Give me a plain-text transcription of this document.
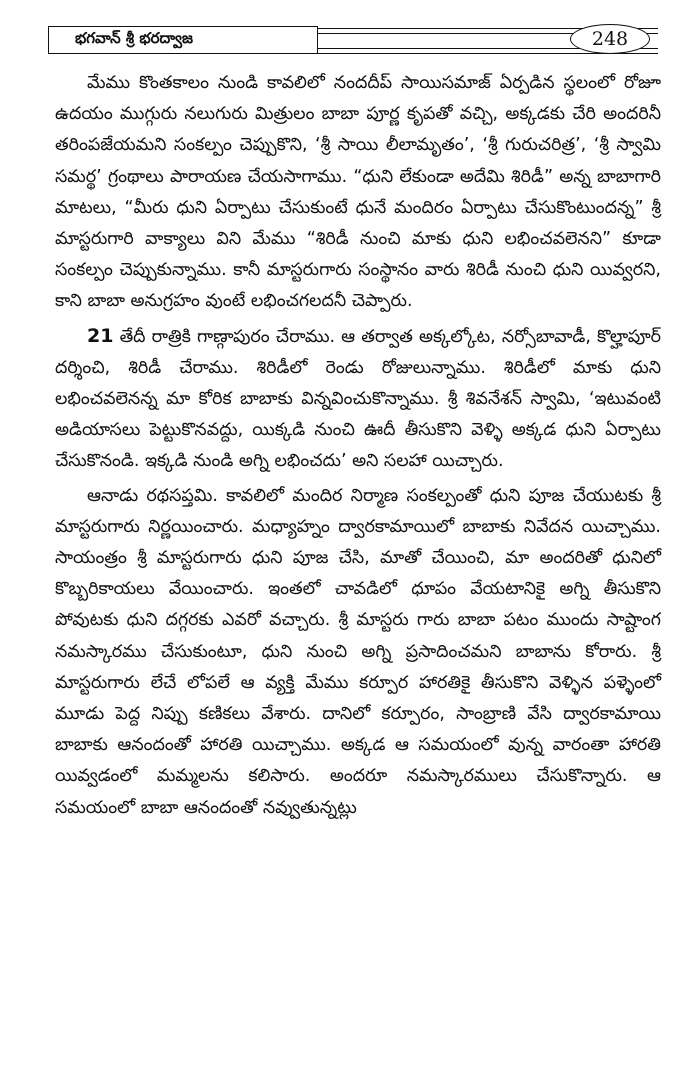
భగవాన్ శ్రీ భరద్వాజ	248

మేము కొంతకాలం నుండి కావలిలో నందదీప్ సాయిసమాజ్ ఏర్పడిన స్థలంలో రోజూ ఉదయం ముగ్గురు నలుగురు మిత్రులం బాబా పూర్ణ కృపతో వచ్చి, అక్కడకు చేరి అందరినీ తరింపజేయమని సంకల్పం చెప్పుకొని, ‘శ్రీ సాయి లీలామృతం’, ‘శ్రీ గురుచరిత్ర’, ‘శ్రీ స్వామి సమర్థ’ గ్రంథాలు పారాయణ చేయసాగాము. “ధుని లేకుండా అదేమి శిరిడీ” అన్న బాబాగారి మాటలు, “మీరు ధుని ఏర్పాటు చేసుకుంటే ధునే మందిరం ఏర్పాటు చేసుకొంటుందన్న” శ్రీ మాస్టరుగారి వాక్యాలు విని మేము “శిరిడీ నుంచి మాకు ధుని లభించవలెనని” కూడా సంకల్పం చెప్పుకున్నాము. కానీ మాస్టరుగారు సంస్థానం వారు శిరిడీ నుంచి ధుని యివ్వరని, కాని బాబా అనుగ్రహం వుంటే లభించగలదనీ చెప్పారు.

21 తేదీ రాత్రికి గాణ్గాపురం చేరాము. ఆ తర్వాత అక్కల్కోట, నర్సోబావాడీ, కొల్హాపూర్ దర్శించి, శిరిడీ చేరాము. శిరిడీలో రెండు రోజులున్నాము. శిరిడీలో మాకు ధుని లభించవలెనన్న మా కోరిక బాబాకు విన్నవించుకొన్నాము. శ్రీ శివనేశన్ స్వామి, ‘ఇటువంటి అడియాసలు పెట్టుకొనవద్దు, యిక్కడి నుంచి ఊదీ తీసుకొని వెళ్ళి అక్కడ ధుని ఏర్పాటు చేసుకొనండి. ఇక్కడి నుండి అగ్ని లభించదు’ అని సలహా యిచ్చారు.

ఆనాడు రథసప్తమి. కావలిలో మందిర నిర్మాణ సంకల్పంతో ధుని పూజ చేయుటకు శ్రీ మాస్టరుగారు నిర్ణయించారు. మధ్యాహ్నం ద్వారకామాయిలో బాబాకు నివేదన యిచ్చాము. సాయంత్రం శ్రీ మాస్టరుగారు ధుని పూజ చేసి, మాతో చేయించి, మా అందరితో ధునిలో కొబ్బరికాయలు వేయించారు. ఇంతలో చావడిలో ధూపం వేయటానికై అగ్ని తీసుకొని పోవుటకు ధుని దగ్గరకు ఎవరో వచ్చారు. శ్రీ మాస్టరు గారు బాబా పటం ముందు సాష్టాంగ నమస్కారము చేసుకుంటూ, ధుని నుంచి అగ్ని ప్రసాదించమని బాబాను కోరారు. శ్రీ మాస్టరుగారు లేచే లోపలే ఆ వ్యక్తి మేము కర్పూర హారతికై తీసుకొని వెళ్ళిన పళ్ళెంలో మూడు పెద్ద నిప్పు కణికలు వేశారు. దానిలో కర్పూరం, సాంబ్రాణి వేసి ద్వారకామాయి బాబాకు ఆనందంతో హారతి యిచ్చాము. అక్కడ ఆ సమయంలో వున్న వారంతా హారతి యివ్వడంలో మమ్మలను కలిసారు. అందరూ నమస్కారములు చేసుకొన్నారు. ఆ సమయంలో బాబా ఆనందంతో నవ్వుతున్నట్లు
